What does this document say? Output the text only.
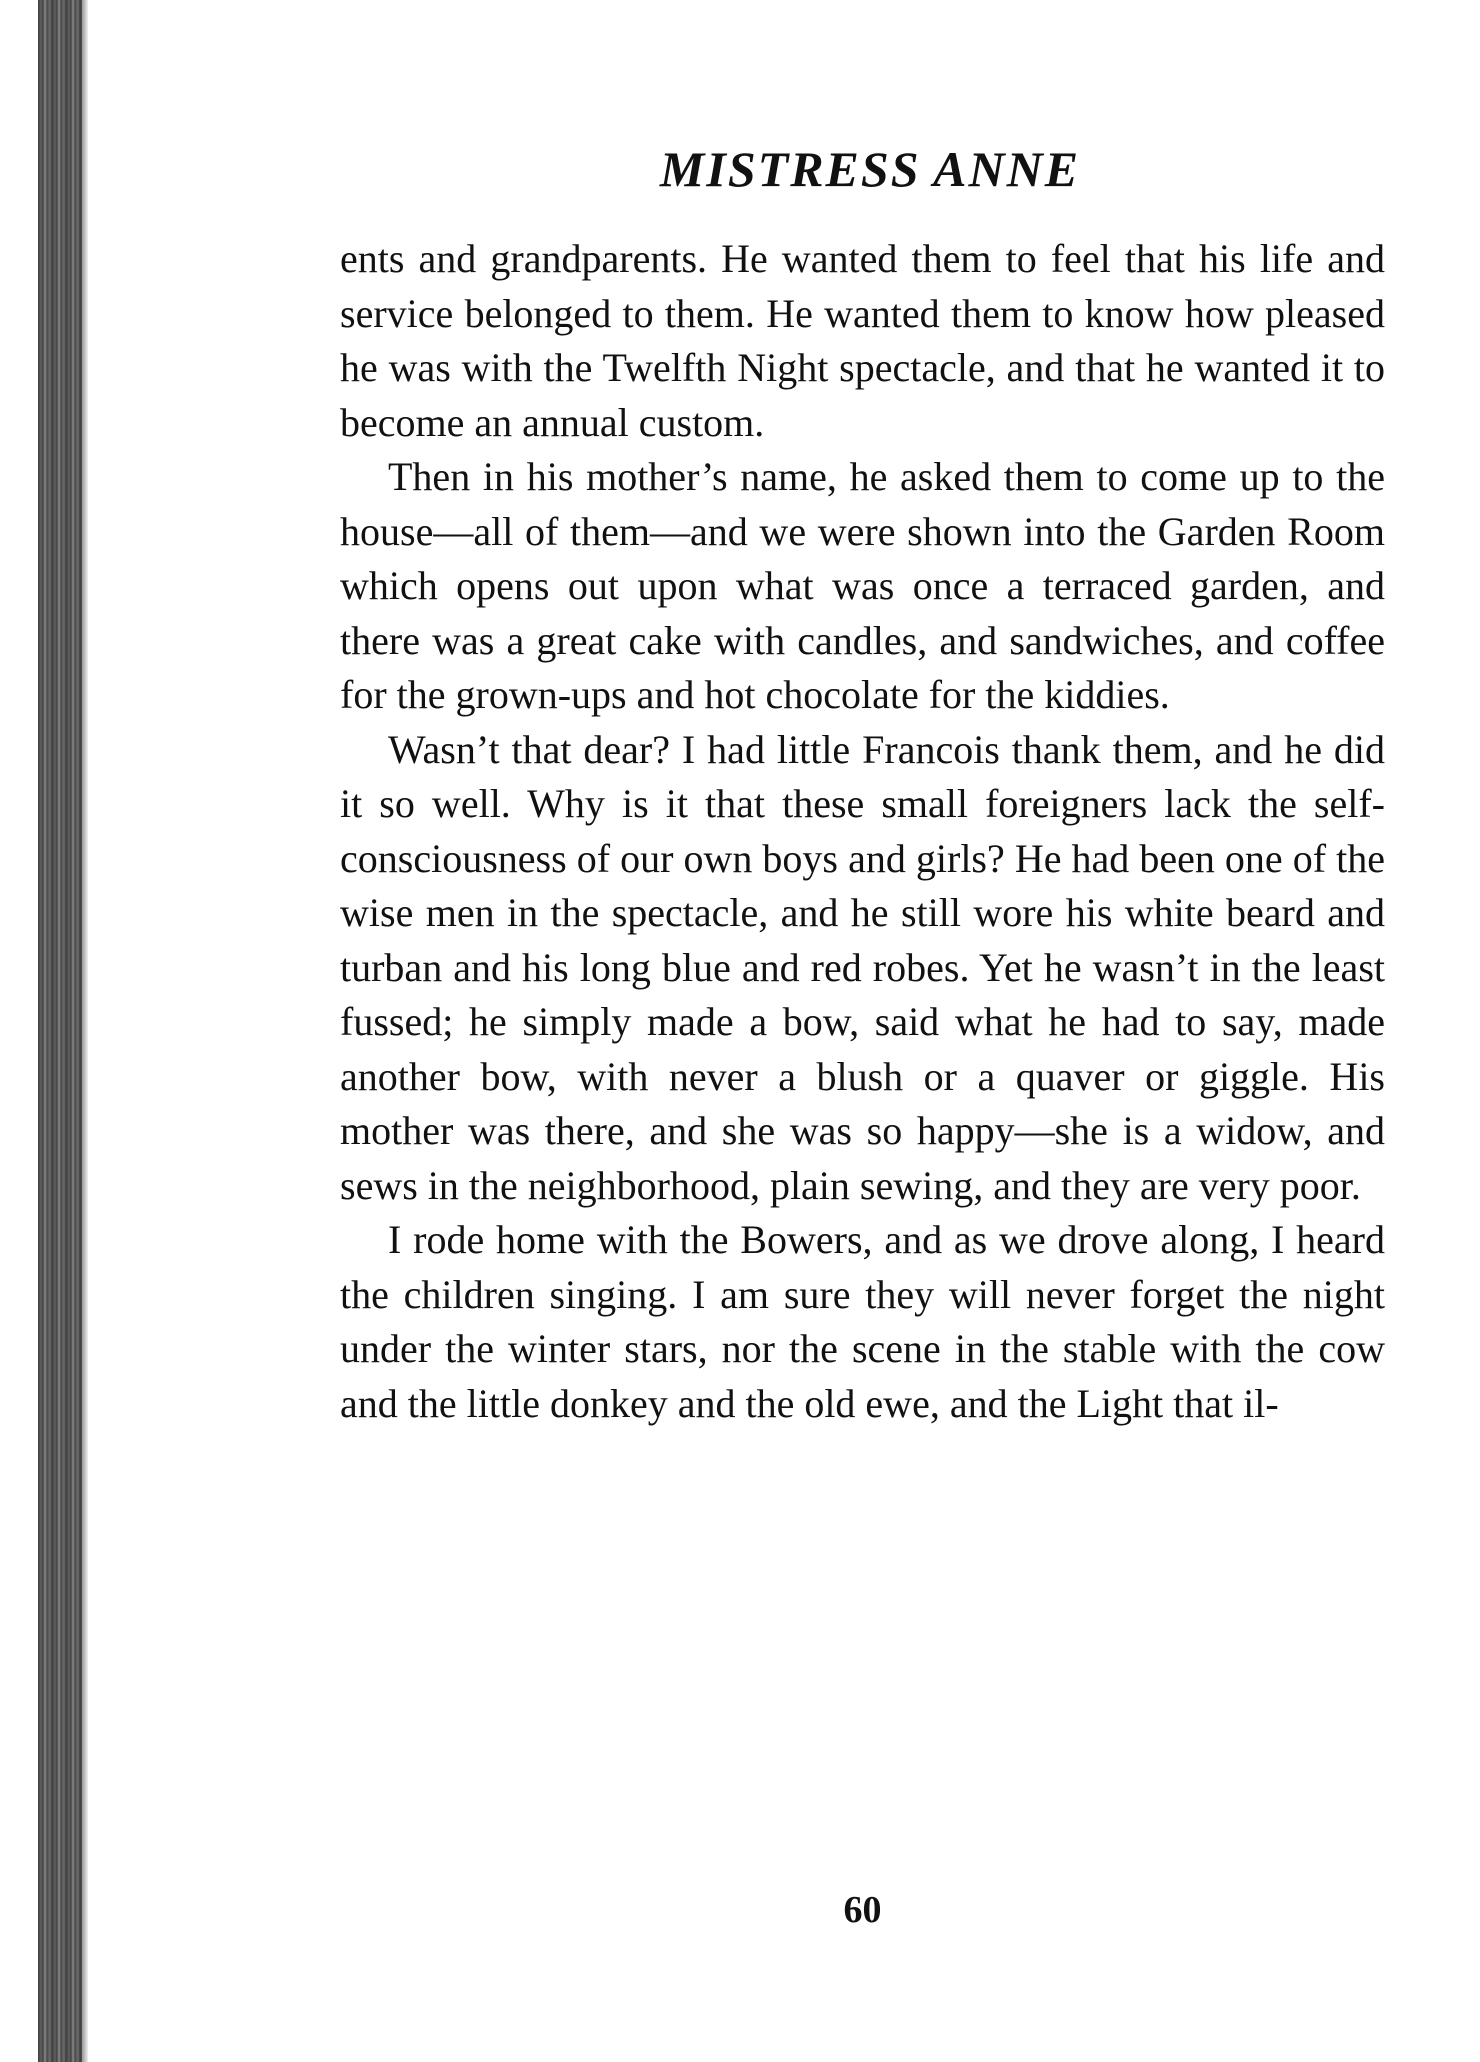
MISTRESS ANNE

ents and grandparents. He wanted them to feel that his life and service belonged to them. He wanted them to know how pleased he was with the Twelfth Night spectacle, and that he wanted it to become an annual custom.

Then in his mother’s name, he asked them to come up to the house—all of them—and we were shown into the Garden Room which opens out upon what was once a terraced garden, and there was a great cake with candles, and sandwiches, and coffee for the grown-ups and hot chocolate for the kiddies.

Wasn’t that dear? I had little Francois thank them, and he did it so well. Why is it that these small foreigners lack the self-consciousness of our own boys and girls? He had been one of the wise men in the spectacle, and he still wore his white beard and turban and his long blue and red robes. Yet he wasn’t in the least fussed; he simply made a bow, said what he had to say, made another bow, with never a blush or a quaver or giggle. His mother was there, and she was so happy—she is a widow, and sews in the neighborhood, plain sewing, and they are very poor.

I rode home with the Bowers, and as we drove along, I heard the children singing. I am sure they will never forget the night under the winter stars, nor the scene in the stable with the cow and the little donkey and the old ewe, and the Light that il-

60
